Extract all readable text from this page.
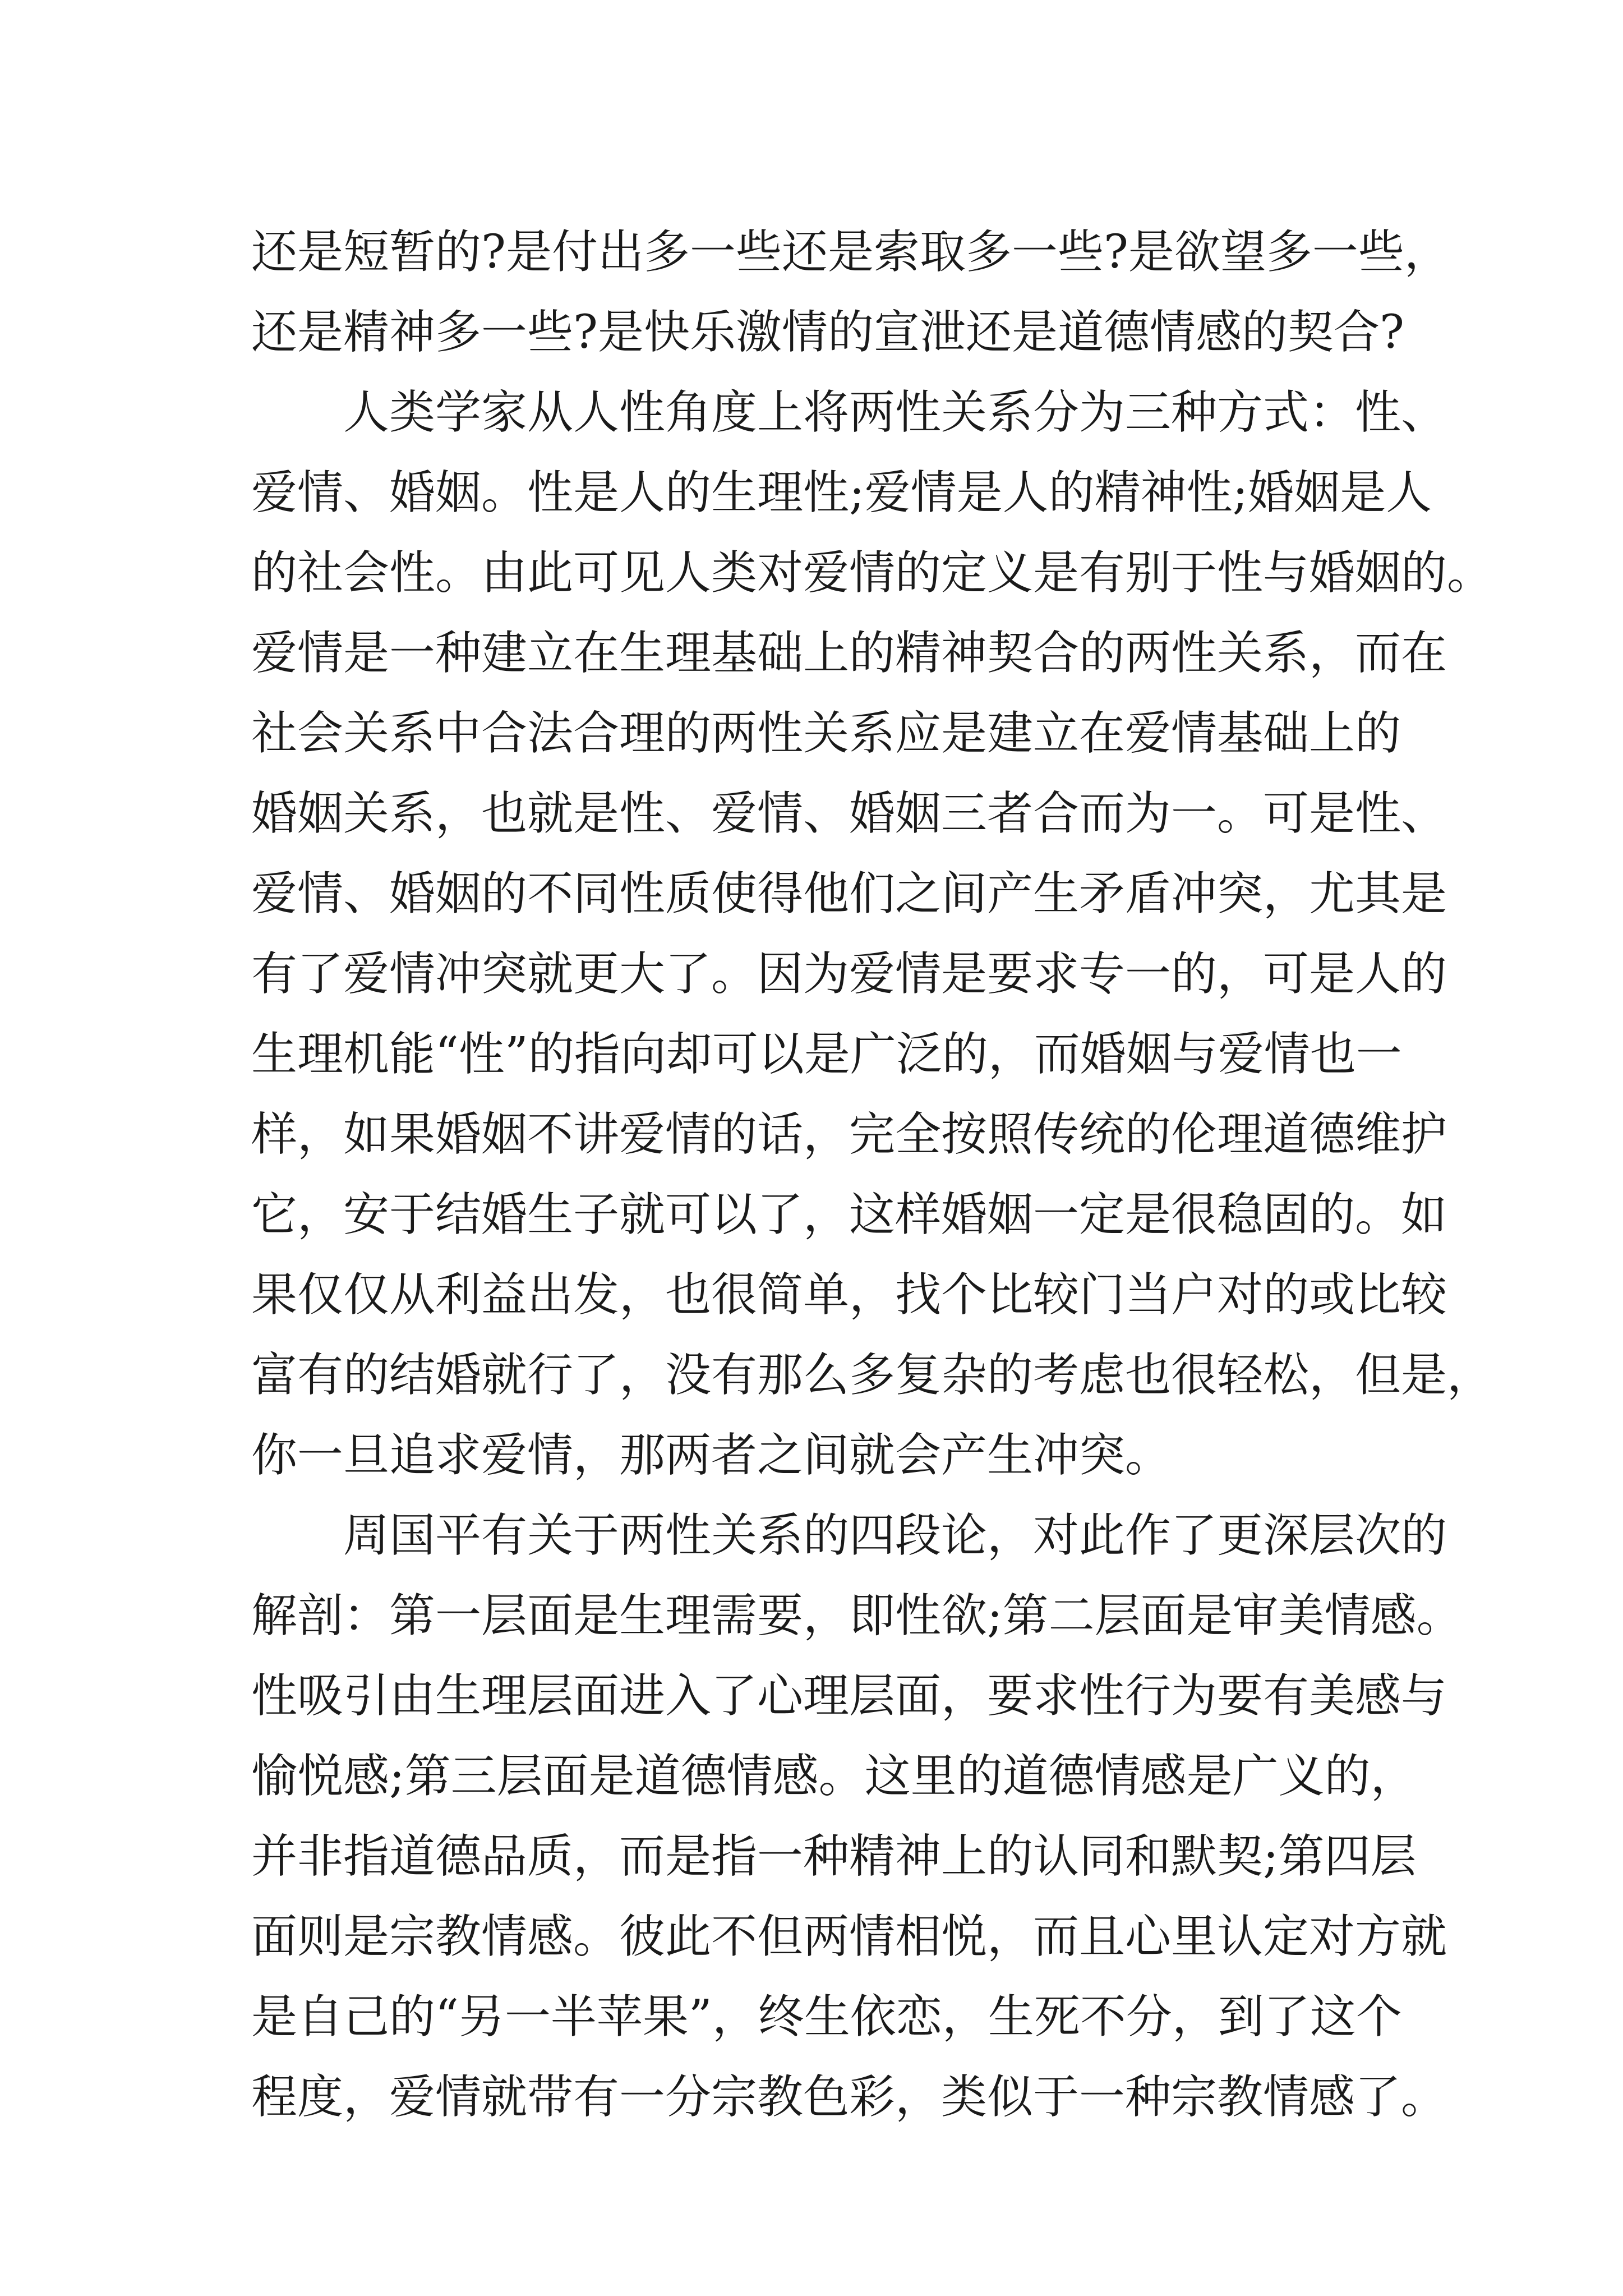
还是短暂的?是付出多一些还是索取多一些?是欲望多一些，
还是精神多一些?是快乐激情的宣泄还是道德情感的契合?
人类学家从人性角度上将两性关系分为三种方式：性、
爱情、婚姻。性是人的生理性;爱情是人的精神性;婚姻是人
的社会性。由此可见人类对爱情的定义是有别于性与婚姻的。
爱情是一种建立在生理基础上的精神契合的两性关系，而在
社会关系中合法合理的两性关系应是建立在爱情基础上的
婚姻关系，也就是性、爱情、婚姻三者合而为一。可是性、
爱情、婚姻的不同性质使得他们之间产生矛盾冲突，尤其是
有了爱情冲突就更大了。因为爱情是要求专一的，可是人的
生理机能“性”的指向却可以是广泛的，而婚姻与爱情也一
样，如果婚姻不讲爱情的话，完全按照传统的伦理道德维护
它，安于结婚生子就可以了，这样婚姻一定是很稳固的。如
果仅仅从利益出发，也很简单，找个比较门当户对的或比较
富有的结婚就行了，没有那么多复杂的考虑也很轻松，但是，
你一旦追求爱情，那两者之间就会产生冲突。
周国平有关于两性关系的四段论，对此作了更深层次的
解剖：第一层面是生理需要，即性欲;第二层面是审美情感。
性吸引由生理层面进入了心理层面，要求性行为要有美感与
愉悦感;第三层面是道德情感。这里的道德情感是广义的，
并非指道德品质，而是指一种精神上的认同和默契;第四层
面则是宗教情感。彼此不但两情相悦，而且心里认定对方就
是自己的“另一半苹果”，终生依恋，生死不分，到了这个
程度，爱情就带有一分宗教色彩，类似于一种宗教情感了。
